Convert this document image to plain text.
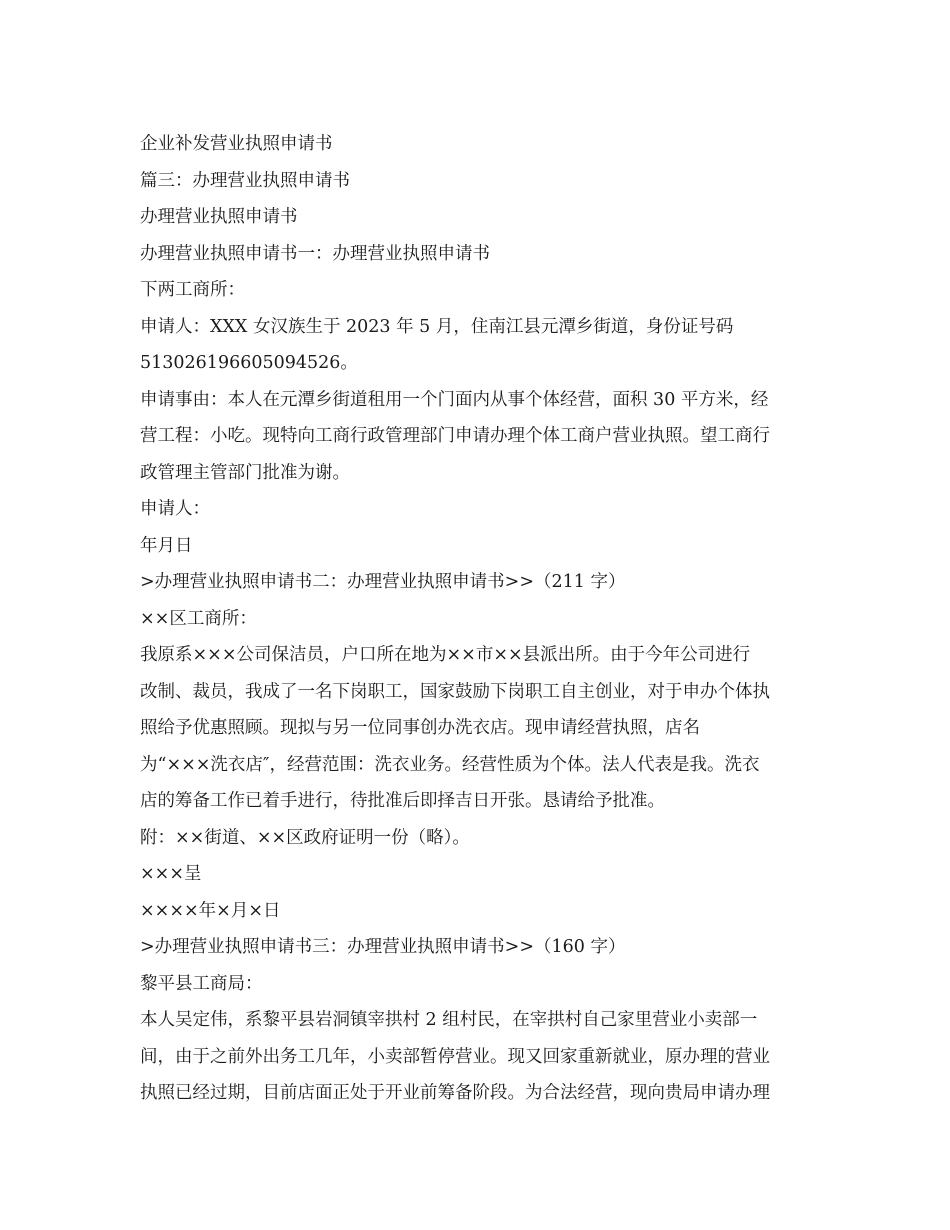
企业补发营业执照申请书
篇三：办理营业执照申请书
办理营业执照申请书
办理营业执照申请书一：办理营业执照申请书
下两工商所：
申请人：XXX 女汉族生于 2023 年 5 月，住南江县元潭乡街道，身份证号码
513026196605094526。
申请事由：本人在元潭乡街道租用一个门面内从事个体经营，面积 30 平方米，经
营工程：小吃。现特向工商行政管理部门申请办理个体工商户营业执照。望工商行
政管理主管部门批准为谢。
申请人：
年月日
>办理营业执照申请书二：办理营业执照申请书>>（211 字）
××区工商所：
我原系×××公司保洁员，户口所在地为××市××县派出所。由于今年公司进行
改制、裁员，我成了一名下岗职工，国家鼓励下岗职工自主创业，对于申办个体执
照给予优惠照顾。现拟与另一位同事创办洗衣店。现申请经营执照，店名
为“×××洗衣店″，经营范围：洗衣业务。经营性质为个体。法人代表是我。洗衣
店的筹备工作已着手进行，待批准后即择吉日开张。恳请给予批准。
附：××街道、××区政府证明一份（略）。
×××呈
××××年×月×日
>办理营业执照申请书三：办理营业执照申请书>>（160 字）
黎平县工商局：
本人吴定伟，系黎平县岩洞镇宰拱村 2 组村民，在宰拱村自己家里营业小卖部一
间，由于之前外出务工几年，小卖部暂停营业。现又回家重新就业，原办理的营业
执照已经过期，目前店面正处于开业前筹备阶段。为合法经营，现向贵局申请办理
